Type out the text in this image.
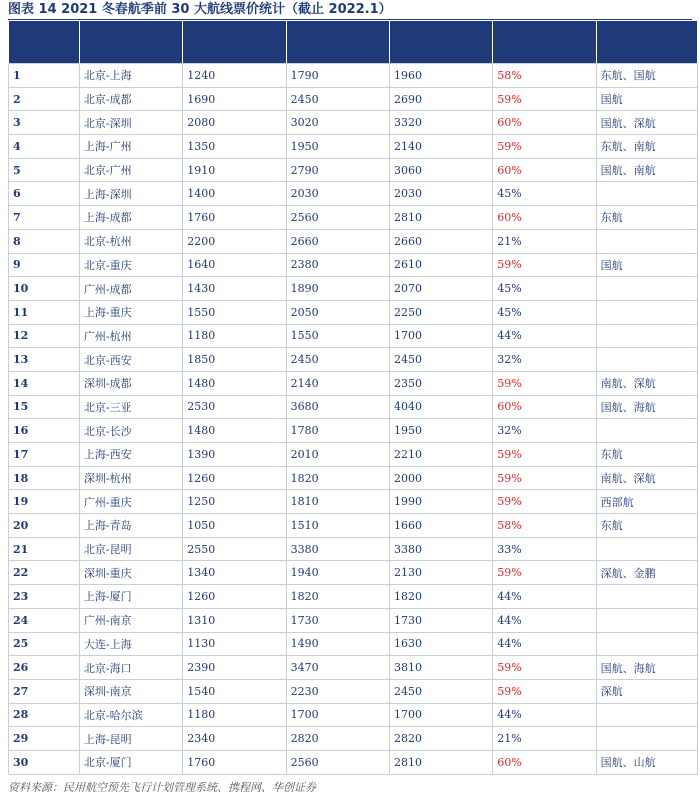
图表 14 2021 冬春航季前 30 大航线票价统计（截止 2022.1）

1	北京-上海	1240	1790	1960	58%	东航、国航
2	北京-成都	1690	2450	2690	59%	国航
3	北京-深圳	2080	3020	3320	60%	国航、深航
4	上海-广州	1350	1950	2140	59%	东航、南航
5	北京-广州	1910	2790	3060	60%	国航、南航
6	上海-深圳	1400	2030	2030	45%	
7	上海-成都	1760	2560	2810	60%	东航
8	北京-杭州	2200	2660	2660	21%	
9	北京-重庆	1640	2380	2610	59%	国航
10	广州-成都	1430	1890	2070	45%	
11	上海-重庆	1550	2050	2250	45%	
12	广州-杭州	1180	1550	1700	44%	
13	北京-西安	1850	2450	2450	32%	
14	深圳-成都	1480	2140	2350	59%	南航、深航
15	北京-三亚	2530	3680	4040	60%	国航、海航
16	北京-长沙	1480	1780	1950	32%	
17	上海-西安	1390	2010	2210	59%	东航
18	深圳-杭州	1260	1820	2000	59%	南航、深航
19	广州-重庆	1250	1810	1990	59%	西部航
20	上海-青岛	1050	1510	1660	58%	东航
21	北京-昆明	2550	3380	3380	33%	
22	深圳-重庆	1340	1940	2130	59%	深航、金鹏
23	上海-厦门	1260	1820	1820	44%	
24	广州-南京	1310	1730	1730	44%	
25	大连-上海	1130	1490	1630	44%	
26	北京-海口	2390	3470	3810	59%	国航、海航
27	深圳-南京	1540	2230	2450	59%	深航
28	北京-哈尔滨	1180	1700	1700	44%	
29	上海-昆明	2340	2820	2820	21%	
30	北京-厦门	1760	2560	2810	60%	国航、山航
资料来源：民用航空预先飞行计划管理系统、携程网、华创证券
